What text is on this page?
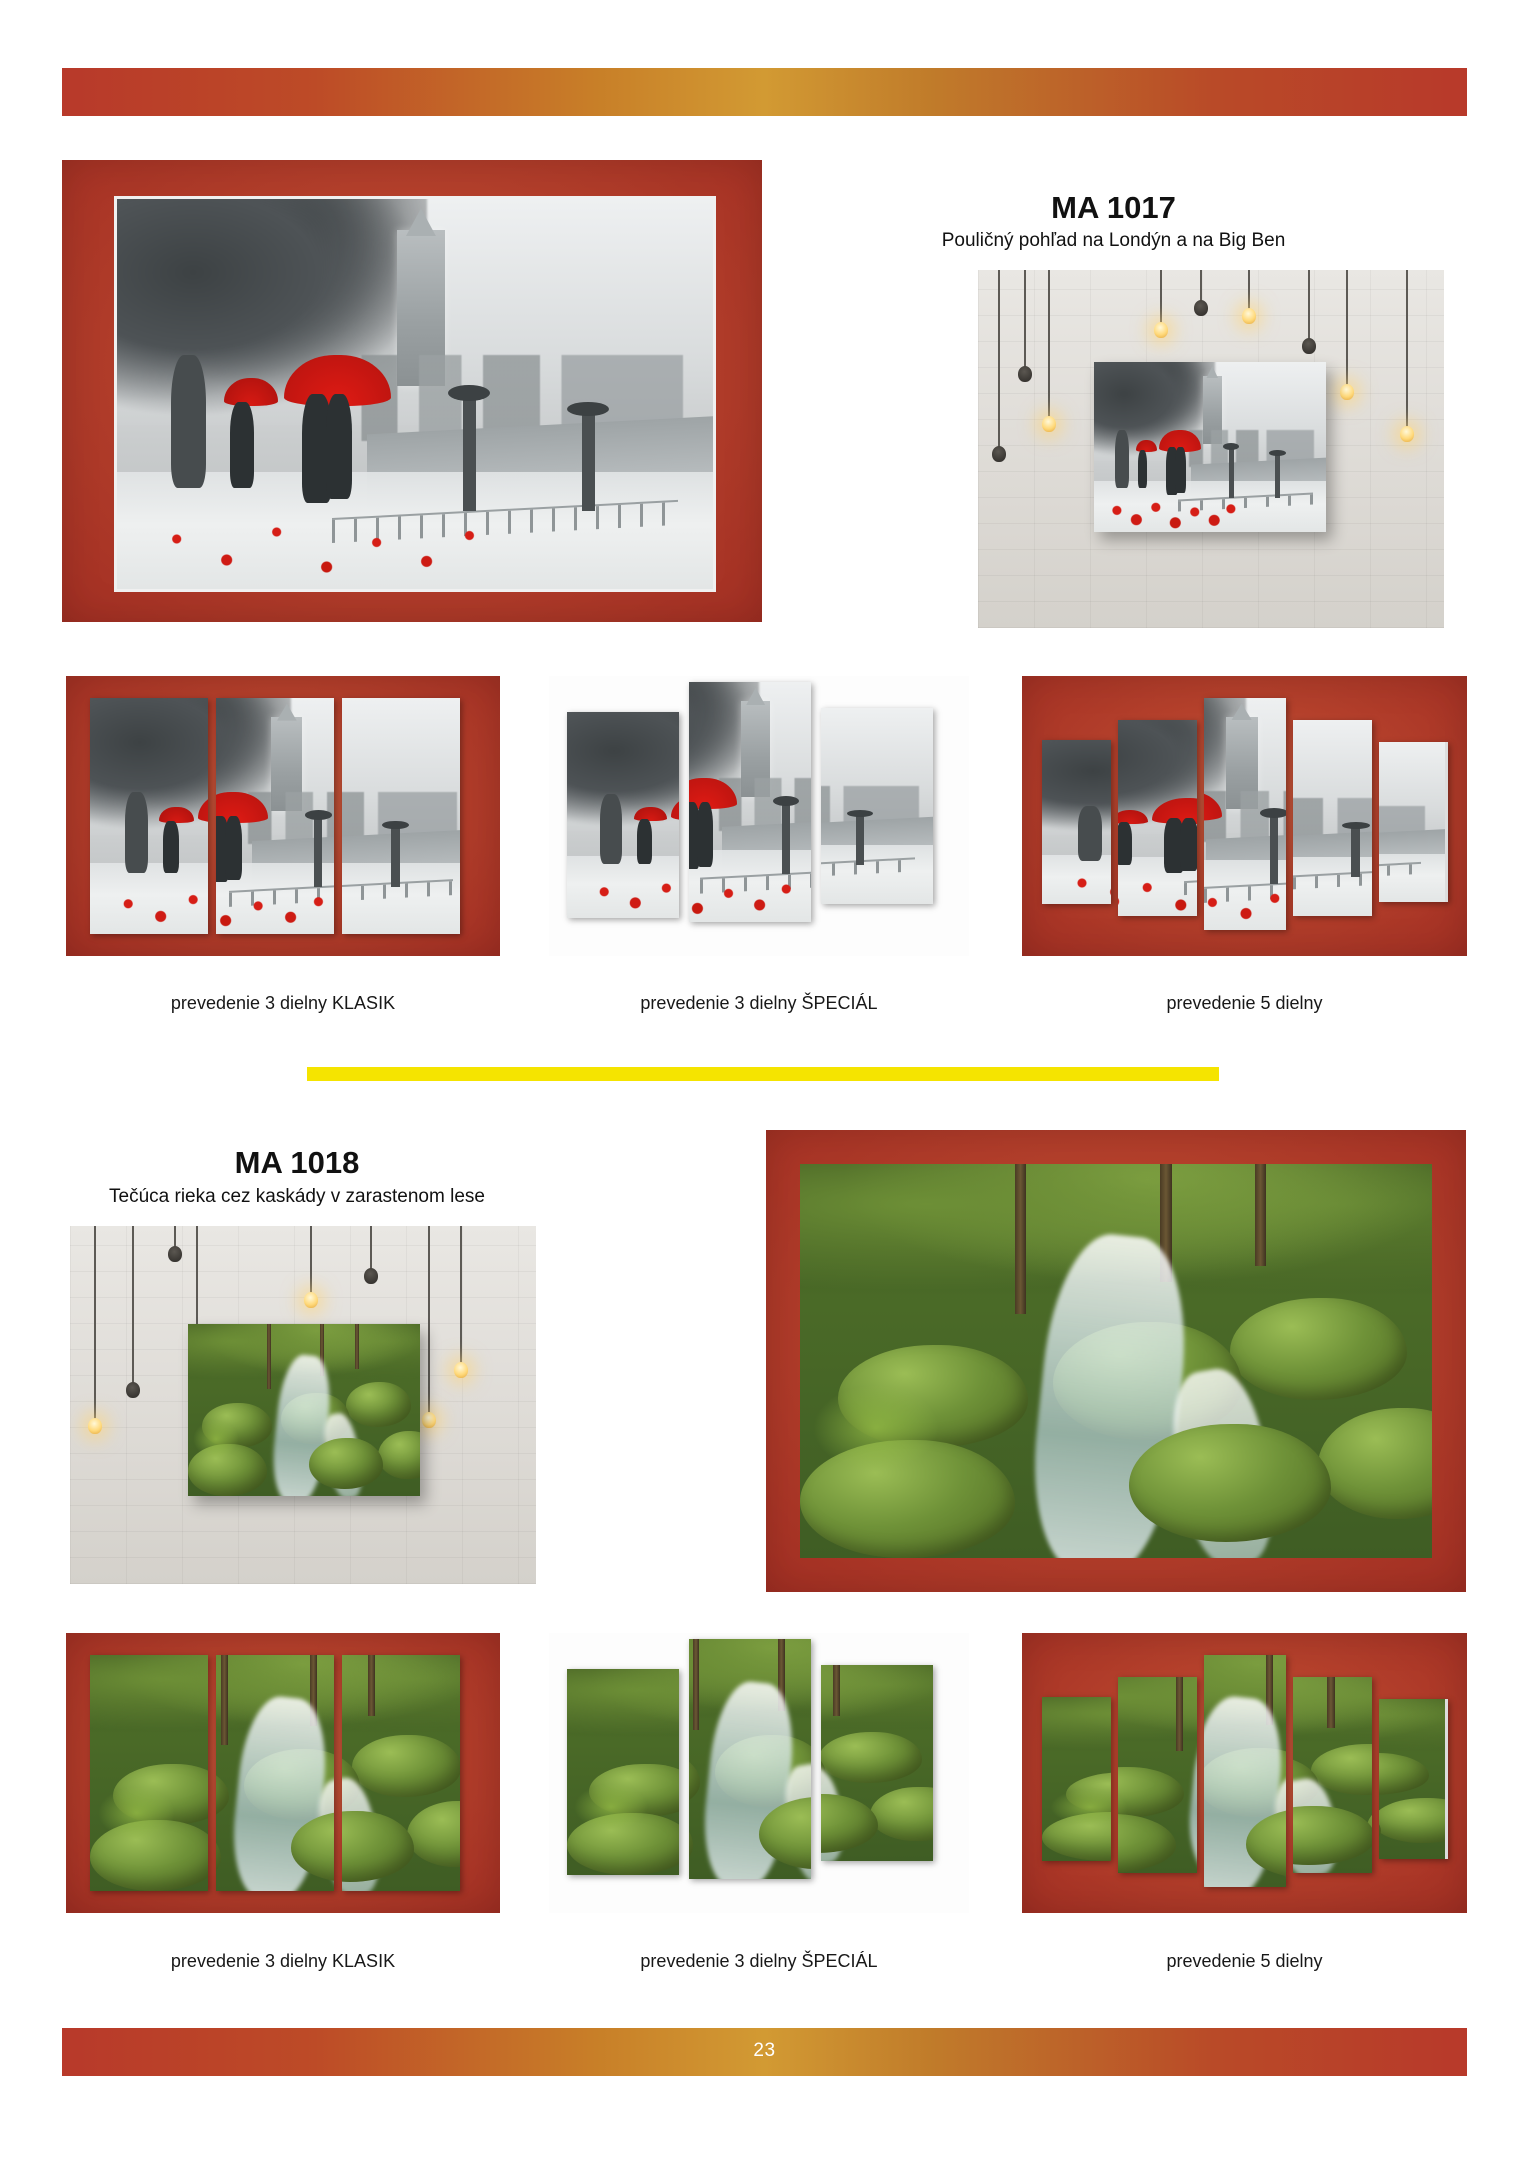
MA 1017
Pouličný pohľad na Londýn a na Big Ben
prevedenie 3 dielny KLASIK	prevedenie 3 dielny ŠPECIÁL	prevedenie 5 dielny
MA 1018
Tečúca rieka cez kaskády v zarastenom lese
prevedenie 3 dielny KLASIK	prevedenie 3 dielny ŠPECIÁL	prevedenie 5 dielny
23
